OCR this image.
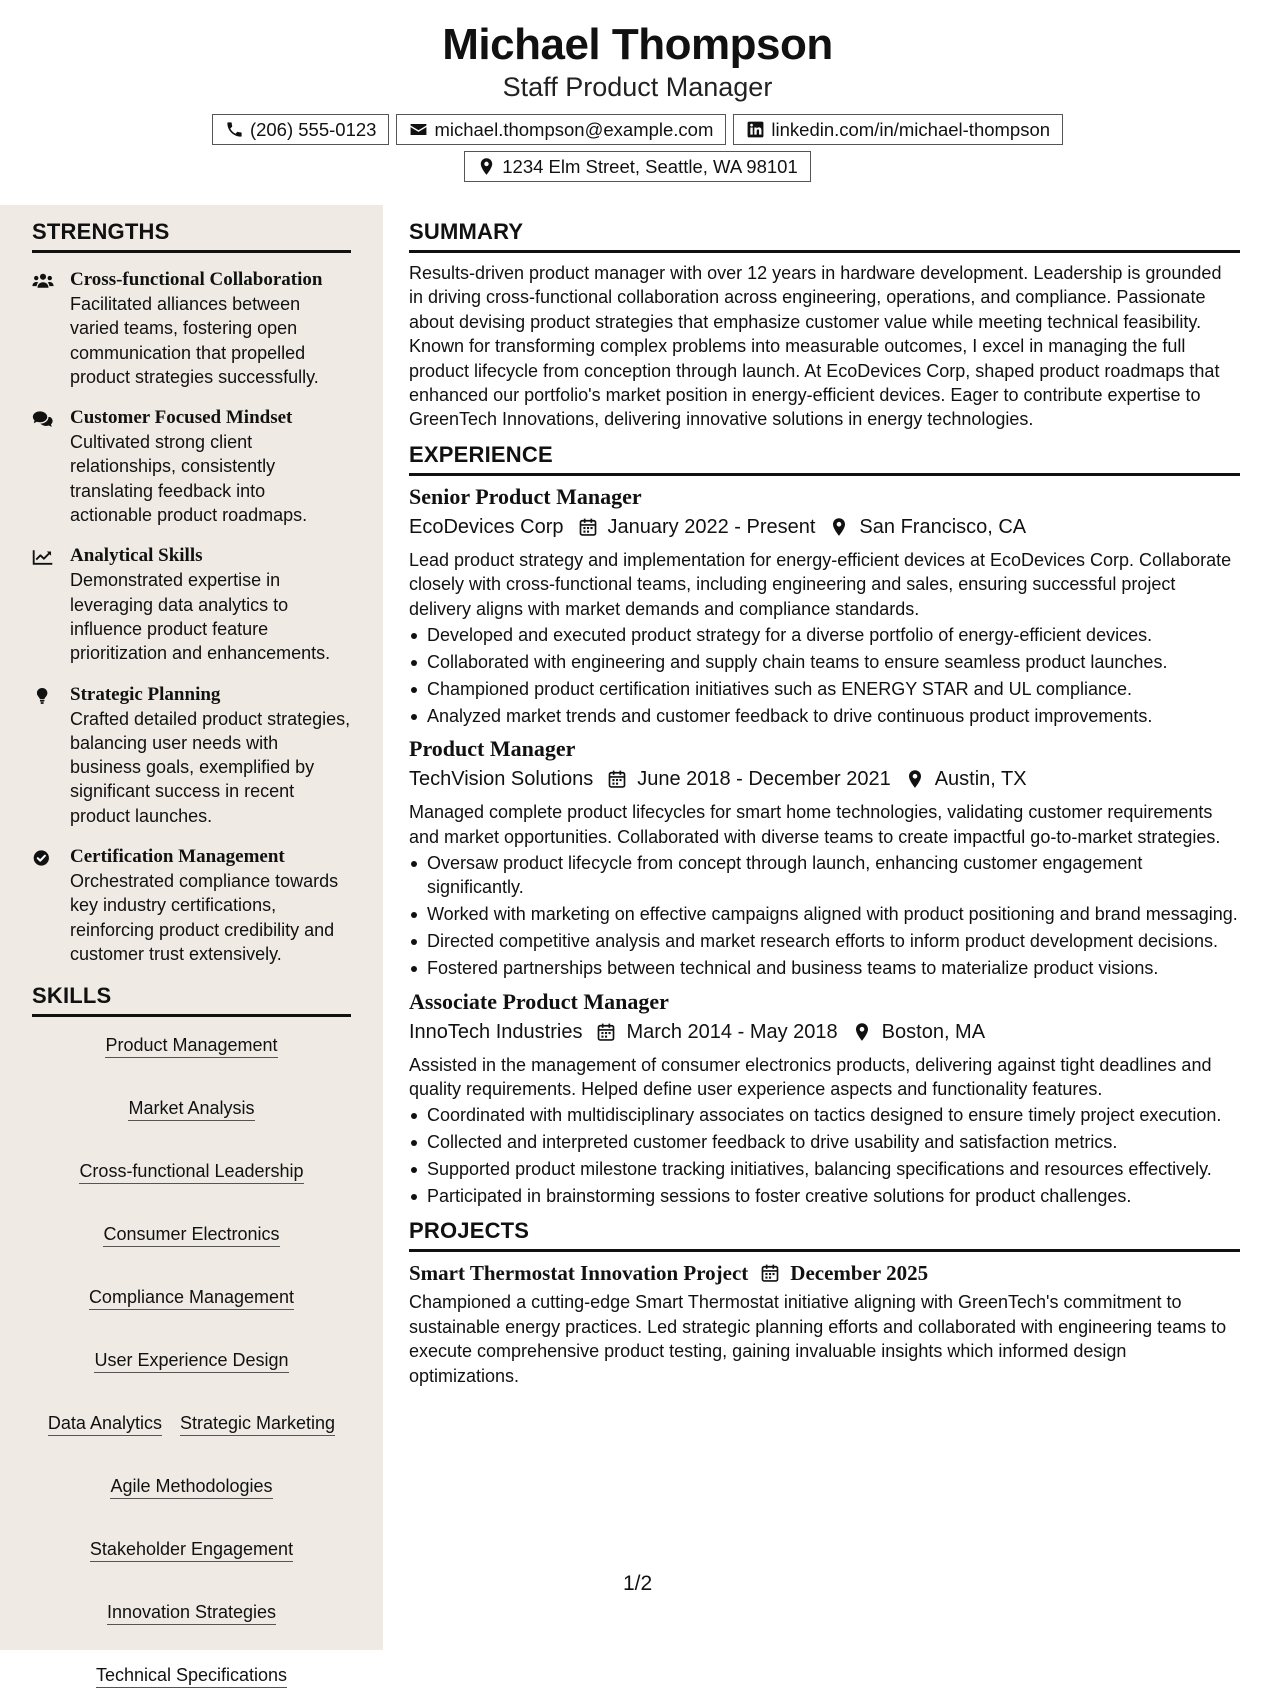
Michael Thompson
Staff Product Manager
(206) 555-0123	michael.thompson@example.com	linkedin.com/in/michael-thompson
1234 Elm Street, Seattle, WA 98101
STRENGTHS
Cross-functional Collaboration
Facilitated alliances between varied teams, fostering open communication that propelled product strategies successfully.
Customer Focused Mindset
Cultivated strong client relationships, consistently translating feedback into actionable product roadmaps.
Analytical Skills
Demonstrated expertise in leveraging data analytics to influence product feature prioritization and enhancements.
Strategic Planning
Crafted detailed product strategies, balancing user needs with business goals, exemplified by significant success in recent product launches.
Certification Management
Orchestrated compliance towards key industry certifications, reinforcing product credibility and customer trust extensively.
SKILLS
Product Management
Market Analysis
Cross-functional Leadership
Consumer Electronics
Compliance Management
User Experience Design
Data Analytics Strategic Marketing
Agile Methodologies
Stakeholder Engagement
Innovation Strategies
Technical Specifications
SUMMARY
Results-driven product manager with over 12 years in hardware development. Leadership is grounded in driving cross-functional collaboration across engineering, operations, and compliance. Passionate about devising product strategies that emphasize customer value while meeting technical feasibility. Known for transforming complex problems into measurable outcomes, I excel in managing the full product lifecycle from conception through launch. At EcoDevices Corp, shaped product roadmaps that enhanced our portfolio's market position in energy-efficient devices. Eager to contribute expertise to GreenTech Innovations, delivering innovative solutions in energy technologies.
EXPERIENCE
Senior Product Manager
EcoDevices Corp January 2022 - Present San Francisco, CA
Lead product strategy and implementation for energy-efficient devices at EcoDevices Corp. Collaborate closely with cross-functional teams, including engineering and sales, ensuring successful project delivery aligns with market demands and compliance standards.
Developed and executed product strategy for a diverse portfolio of energy-efficient devices.
Collaborated with engineering and supply chain teams to ensure seamless product launches.
Championed product certification initiatives such as ENERGY STAR and UL compliance.
Analyzed market trends and customer feedback to drive continuous product improvements.
Product Manager
TechVision Solutions June 2018 - December 2021 Austin, TX
Managed complete product lifecycles for smart home technologies, validating customer requirements and market opportunities. Collaborated with diverse teams to create impactful go-to-market strategies.
Oversaw product lifecycle from concept through launch, enhancing customer engagement significantly.
Worked with marketing on effective campaigns aligned with product positioning and brand messaging.
Directed competitive analysis and market research efforts to inform product development decisions.
Fostered partnerships between technical and business teams to materialize product visions.
Associate Product Manager
InnoTech Industries March 2014 - May 2018 Boston, MA
Assisted in the management of consumer electronics products, delivering against tight deadlines and quality requirements. Helped define user experience aspects and functionality features.
Coordinated with multidisciplinary associates on tactics designed to ensure timely project execution.
Collected and interpreted customer feedback to drive usability and satisfaction metrics.
Supported product milestone tracking initiatives, balancing specifications and resources effectively.
Participated in brainstorming sessions to foster creative solutions for product challenges.
PROJECTS
Smart Thermostat Innovation Project December 2025
Championed a cutting-edge Smart Thermostat initiative aligning with GreenTech's commitment to sustainable energy practices. Led strategic planning efforts and collaborated with engineering teams to execute comprehensive product testing, gaining invaluable insights which informed design optimizations.
1/2
